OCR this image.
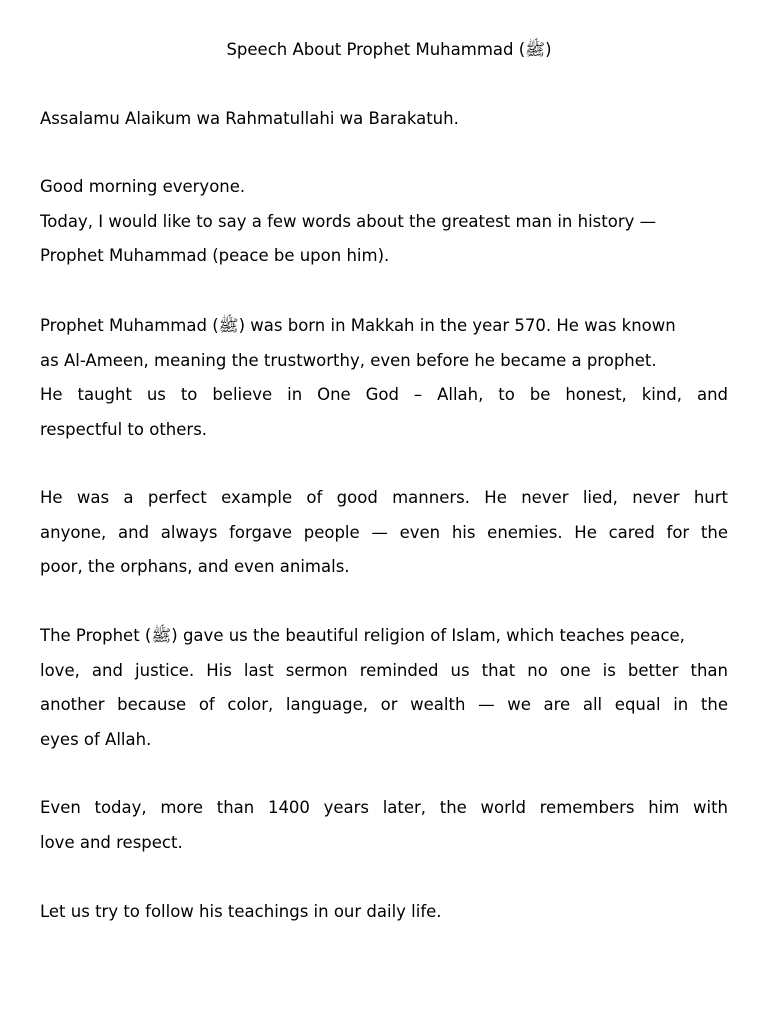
Speech About Prophet Muhammad (ﷺ)

Assalamu Alaikum wa Rahmatullahi wa Barakatuh.

Good morning everyone.
Today, I would like to say a few words about the greatest man in history —
Prophet Muhammad (peace be upon him).

Prophet Muhammad (ﷺ) was born in Makkah in the year 570. He was known
as Al-Ameen, meaning the trustworthy, even before he became a prophet.
He taught us to believe in One God – Allah, to be honest, kind, and
respectful to others.

He was a perfect example of good manners. He never lied, never hurt
anyone, and always forgave people — even his enemies. He cared for the
poor, the orphans, and even animals.

The Prophet (ﷺ) gave us the beautiful religion of Islam, which teaches peace,
love, and justice. His last sermon reminded us that no one is better than
another because of color, language, or wealth — we are all equal in the
eyes of Allah.

Even today, more than 1400 years later, the world remembers him with
love and respect.

Let us try to follow his teachings in our daily life.
